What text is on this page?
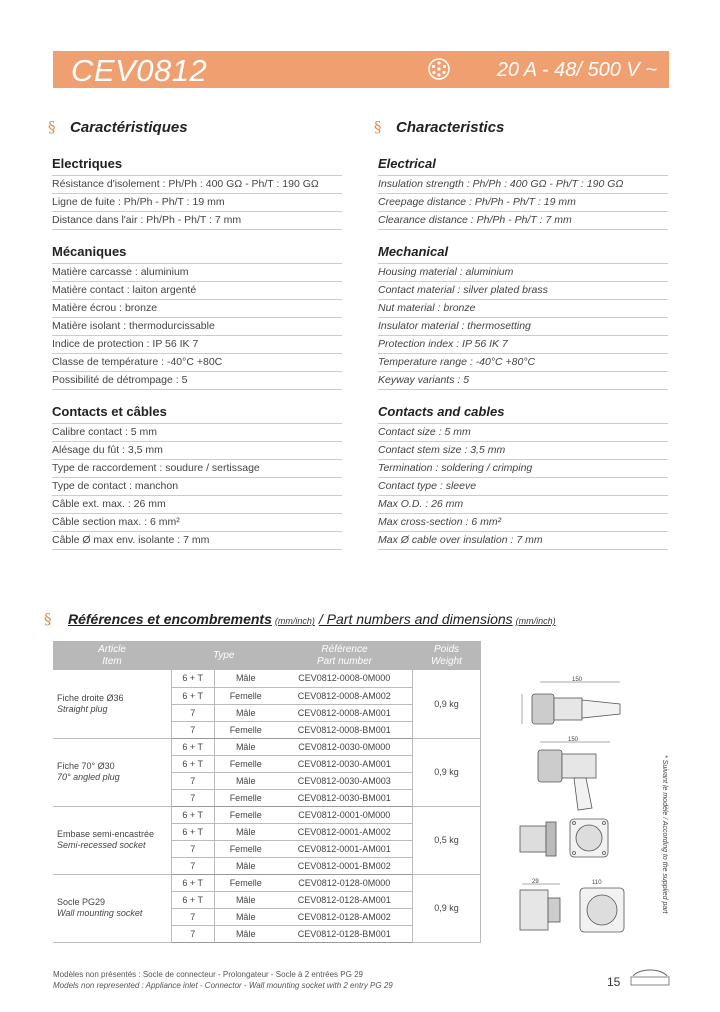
CEV0812	20 A - 48/ 500 V ~
§ Caractéristiques
Electriques
Résistance d'isolement : Ph/Ph : 400 GΩ - Ph/T : 190 GΩ
Ligne de fuite : Ph/Ph - Ph/T : 19 mm
Distance dans l'air : Ph/Ph - Ph/T : 7 mm
Mécaniques
Matière carcasse : aluminium
Matière contact : laiton argenté
Matière écrou : bronze
Matière isolant : thermodurcissable
Indice de protection : IP 56 IK 7
Classe de température : -40°C +80C
Possibilité de détrompage : 5
Contacts et câbles
Calibre contact : 5 mm
Alésage du fût : 3,5 mm
Type de raccordement : soudure / sertissage
Type de contact : manchon
Câble ext. max. : 26 mm
Câble section max. : 6 mm²
Câble Ø max env. isolante : 7 mm
§ Characteristics
Electrical
Insulation strength : Ph/Ph : 400 GΩ - Ph/T : 190 GΩ
Creepage distance : Ph/Ph - Ph/T : 19 mm
Clearance distance : Ph/Ph - Ph/T : 7 mm
Mechanical
Housing material : aluminium
Contact material : silver plated brass
Nut material : bronze
Insulator material : thermosetting
Protection index : IP 56 IK 7
Temperature range : -40°C +80°C
Keyway variants : 5
Contacts and cables
Contact size : 5 mm
Contact stem size : 3,5 mm
Termination : soldering / crimping
Contact type : sleeve
Max O.D. : 26 mm
Max cross-section : 6 mm²
Max Ø cable over insulation : 7 mm
§	Références et encombrements (mm/inch) / Part numbers and dimensions (mm/inch)
Article
Item	Type		Référence
Part number	Poids
Weight

Fiche droite Ø36
Straight plug	6 + T	Mâle	CEV0812-0008-0M000	0,9 kg
	6 + T	Femelle	CEV0812-0008-AM002	
	7	Mâle	CEV0812-0008-AM001	
	7	Femelle	CEV0812-0008-BM001	

Fiche 70° Ø30
70° angled plug	6 + T	Mâle	CEV0812-0030-0M000	0,9 kg
	6 + T	Femelle	CEV0812-0030-AM001	
	7	Mâle	CEV0812-0030-AM003	
	7	Femelle	CEV0812-0030-BM001	

Embase semi-encastrée
Semi-recessed socket	6 + T	Femelle	CEV0812-0001-0M000	0,5 kg
	6 + T	Mâle	CEV0812-0001-AM002	
	7	Femelle	CEV0812-0001-AM001	
	7	Mâle	CEV0812-0001-BM002	

Socle PG29
Wall mounting socket	6 + T	Femelle	CEV0812-0128-0M000	0,9 kg
	6 + T	Mâle	CEV0812-0128-AM001	
	7	Mâle	CEV0812-0128-AM002	
	7	Mâle	CEV0812-0128-BM001	
150
150
29	110	* Suivant le modèle / According to the supplied part
Modèles non présentés : Socle de connecteur - Prolongateur - Socle à 2 entrées PG 29
Models non represented : Appliance inlet - Connector - Wall mounting socket with 2 entry PG 29	15
